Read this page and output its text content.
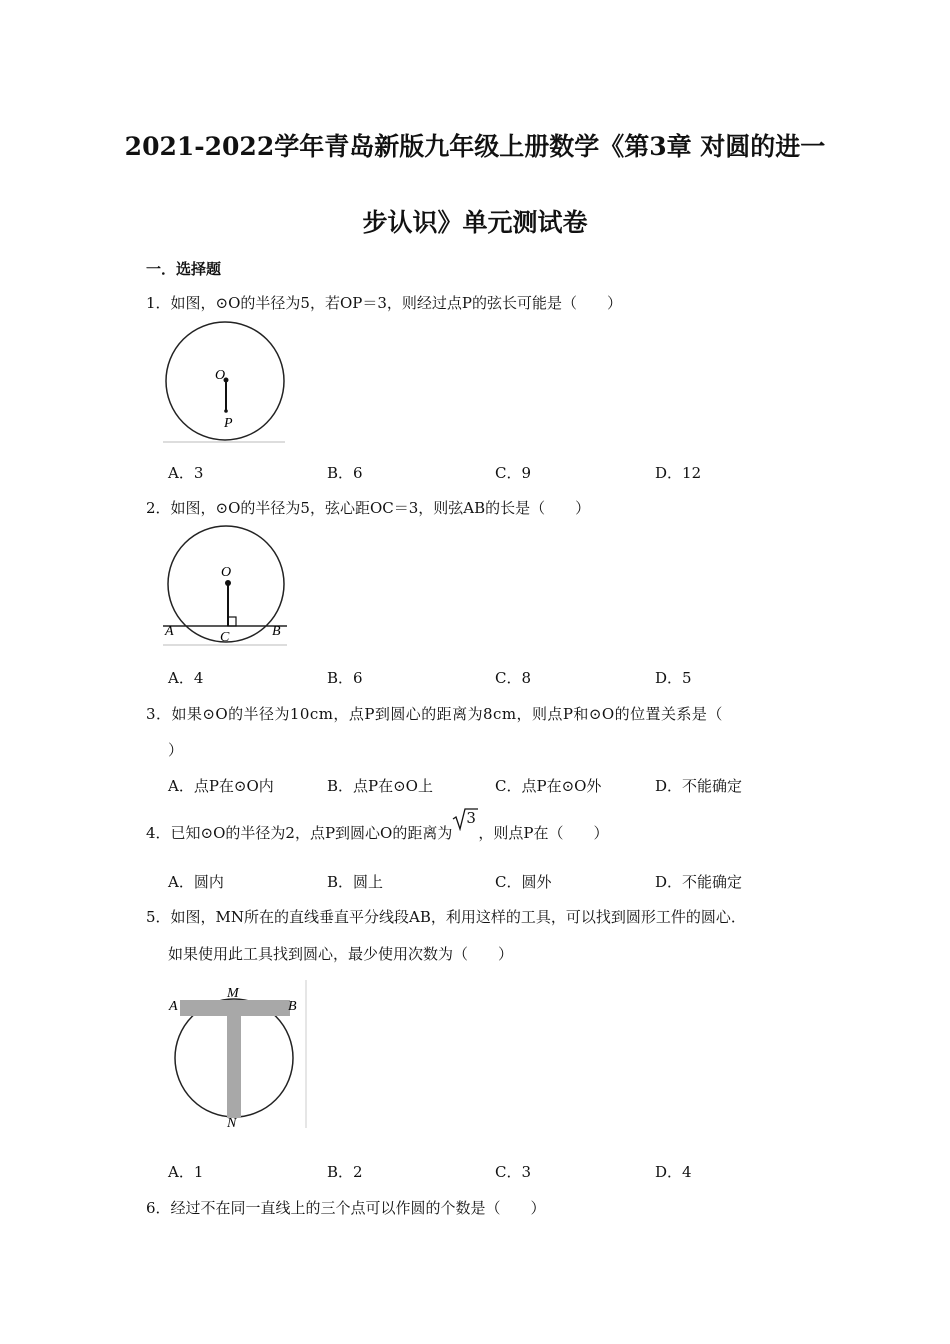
2021-2022学年青岛新版九年级上册数学《第3章 对圆的进一
步认识》单元测试卷
一．选择题
1．如图，⊙O的半径为5，若OP＝3，则经过点P的弦长可能是（　　）
O
P
A．3	B．6	C．9	D．12
2．如图，⊙O的半径为5，弦心距OC＝3，则弦AB的长是（　　）
O
A	B
C
A．4	B．6	C．8	D．5
3．如果⊙O的半径为10cm，点P到圆心的距离为8cm，则点P和⊙O的位置关系是（
）
A．点P在⊙O内	B．点P在⊙O上	C．点P在⊙O外	D．不能确定
4．已知⊙O的半径为2，点P到圆心O的距离为
3
，则点P在（　　）
A．圆内	B．圆上	C．圆外	D．不能确定
5．如图，MN所在的直线垂直平分线段AB，利用这样的工具，可以找到圆形工件的圆心．
如果使用此工具找到圆心，最少使用次数为（　　）
A
M
B
N
A．1	B．2	C．3	D．4
6．经过不在同一直线上的三个点可以作圆的个数是（　　）
